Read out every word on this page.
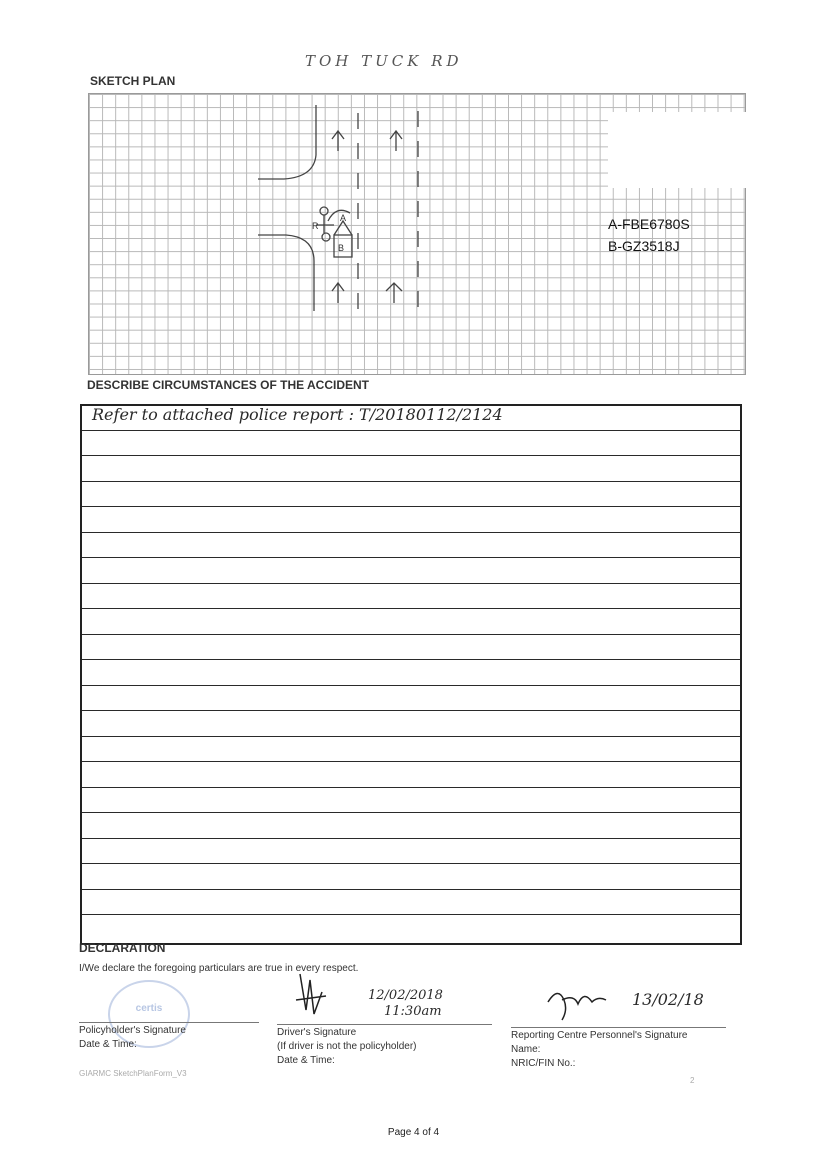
TOH TUCK RD
SKETCH PLAN
R
B
A	A-FBE6780S
B-GZ3518J
DESCRIBE CIRCUMSTANCES OF THE ACCIDENT
Refer to attached police report : T/20180112/2124
DECLARATION
I/We declare the foregoing particulars are true in every respect.
certis
Policyholder's Signature
Date & Time:
12/02/2018
11:30am
Driver's Signature
(If driver is not the policyholder)
Date & Time:
13/02/18
Reporting Centre Personnel's Signature
Name:
NRIC/FIN No.:
GIARMC SketchPlanForm_V3
2
Page 4 of 4
